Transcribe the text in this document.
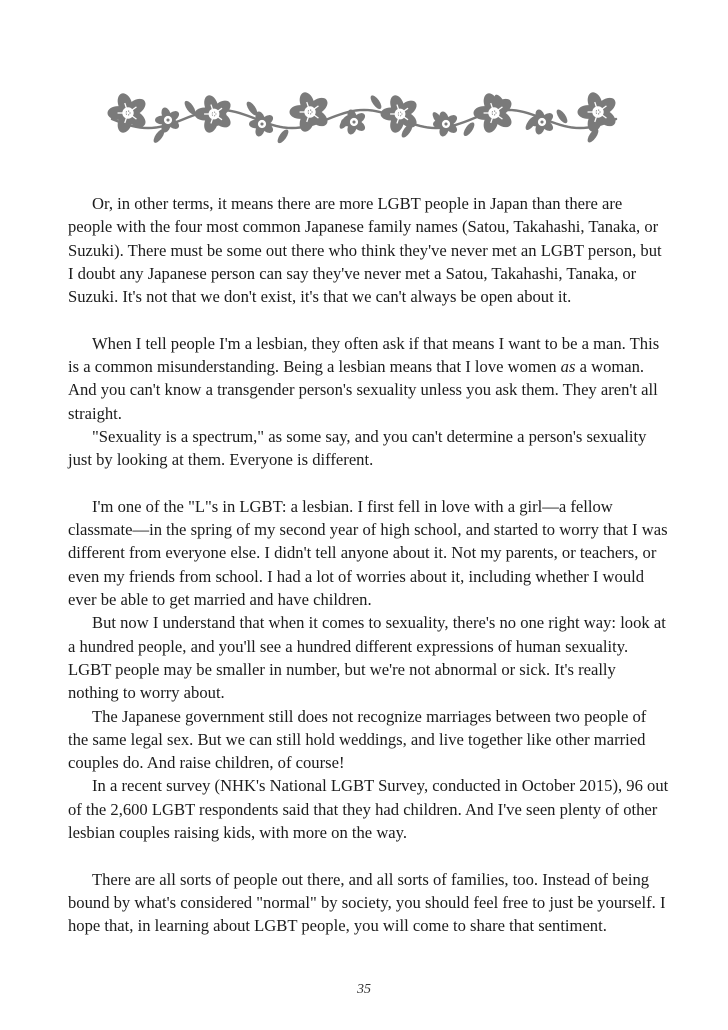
Or, in other terms, it means there are more LGBT people in Japan than there are people with the four most common Japanese family names (Satou, Takahashi, Tanaka, or Suzuki). There must be some out there who think they've never met an LGBT person, but I doubt any Japanese person can say they've never met a Satou, Takahashi, Tanaka, or Suzuki. It's not that we don't exist, it's that we can't always be open about it.

When I tell people I'm a lesbian, they often ask if that means I want to be a man. This is a common misunderstanding. Being a lesbian means that I love women as a woman. And you can't know a transgender person's sexuality unless you ask them. They aren't all straight.

"Sexuality is a spectrum," as some say, and you can't determine a person's sexuality just by looking at them. Everyone is different.

I'm one of the "L"s in LGBT: a lesbian. I first fell in love with a girl—a fellow classmate—in the spring of my second year of high school, and started to worry that I was different from everyone else. I didn't tell anyone about it. Not my parents, or teachers, or even my friends from school. I had a lot of worries about it, including whether I would ever be able to get married and have children.

But now I understand that when it comes to sexuality, there's no one right way: look at a hundred people, and you'll see a hundred different expressions of human sexuality. LGBT people may be smaller in number, but we're not abnormal or sick. It's really nothing to worry about.

The Japanese government still does not recognize marriages between two people of the same legal sex. But we can still hold weddings, and live together like other married couples do. And raise children, of course!

In a recent survey (NHK's National LGBT Survey, conducted in October 2015), 96 out of the 2,600 LGBT respondents said that they had children. And I've seen plenty of other lesbian couples raising kids, with more on the way.

There are all sorts of people out there, and all sorts of families, too. Instead of being bound by what's considered "normal" by society, you should feel free to just be yourself. I hope that, in learning about LGBT people, you will come to share that sentiment.

35
